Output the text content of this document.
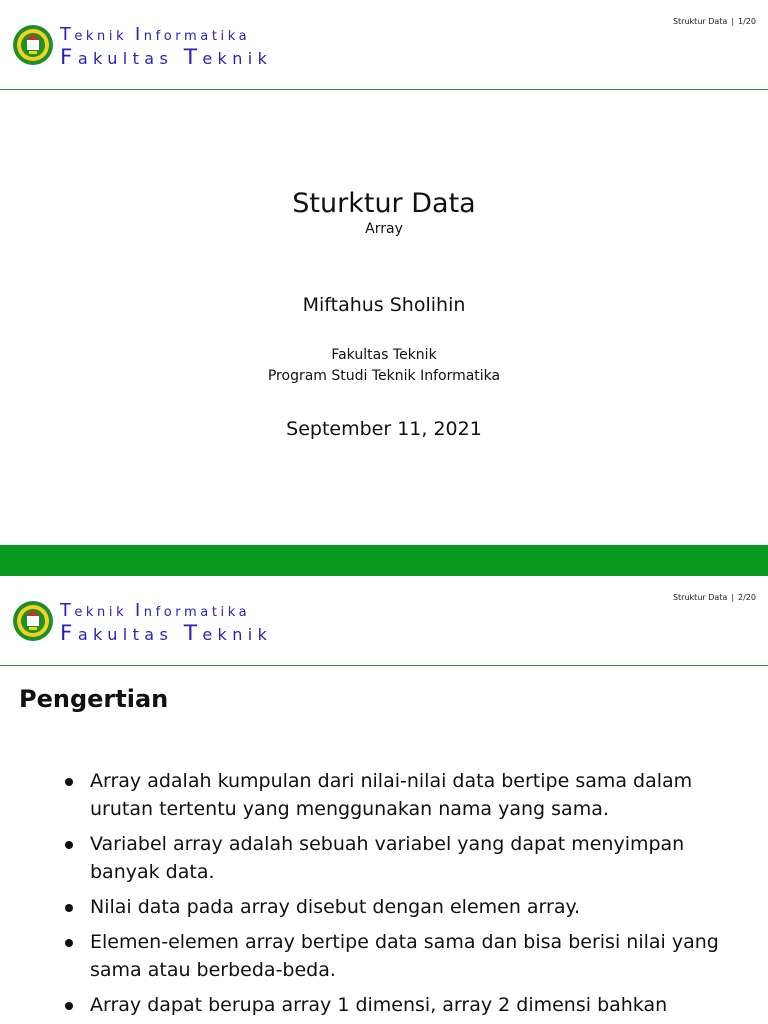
Teknik Informatika
Fakultas Teknik
Struktur Data | 1/20
Sturktur Data
Array
Miftahus Sholihin
Fakultas Teknik
Program Studi Teknik Informatika
September 11, 2021
Teknik Informatika
Fakultas Teknik
Struktur Data | 2/20
Pengertian
Array adalah kumpulan dari nilai-nilai data bertipe sama dalam urutan tertentu yang menggunakan nama yang sama.
Variabel array adalah sebuah variabel yang dapat menyimpan banyak data.
Nilai data pada array disebut dengan elemen array.
Elemen-elemen array bertipe data sama dan bisa berisi nilai yang sama atau berbeda-beda.
Array dapat berupa array 1 dimensi, array 2 dimensi bahkan
